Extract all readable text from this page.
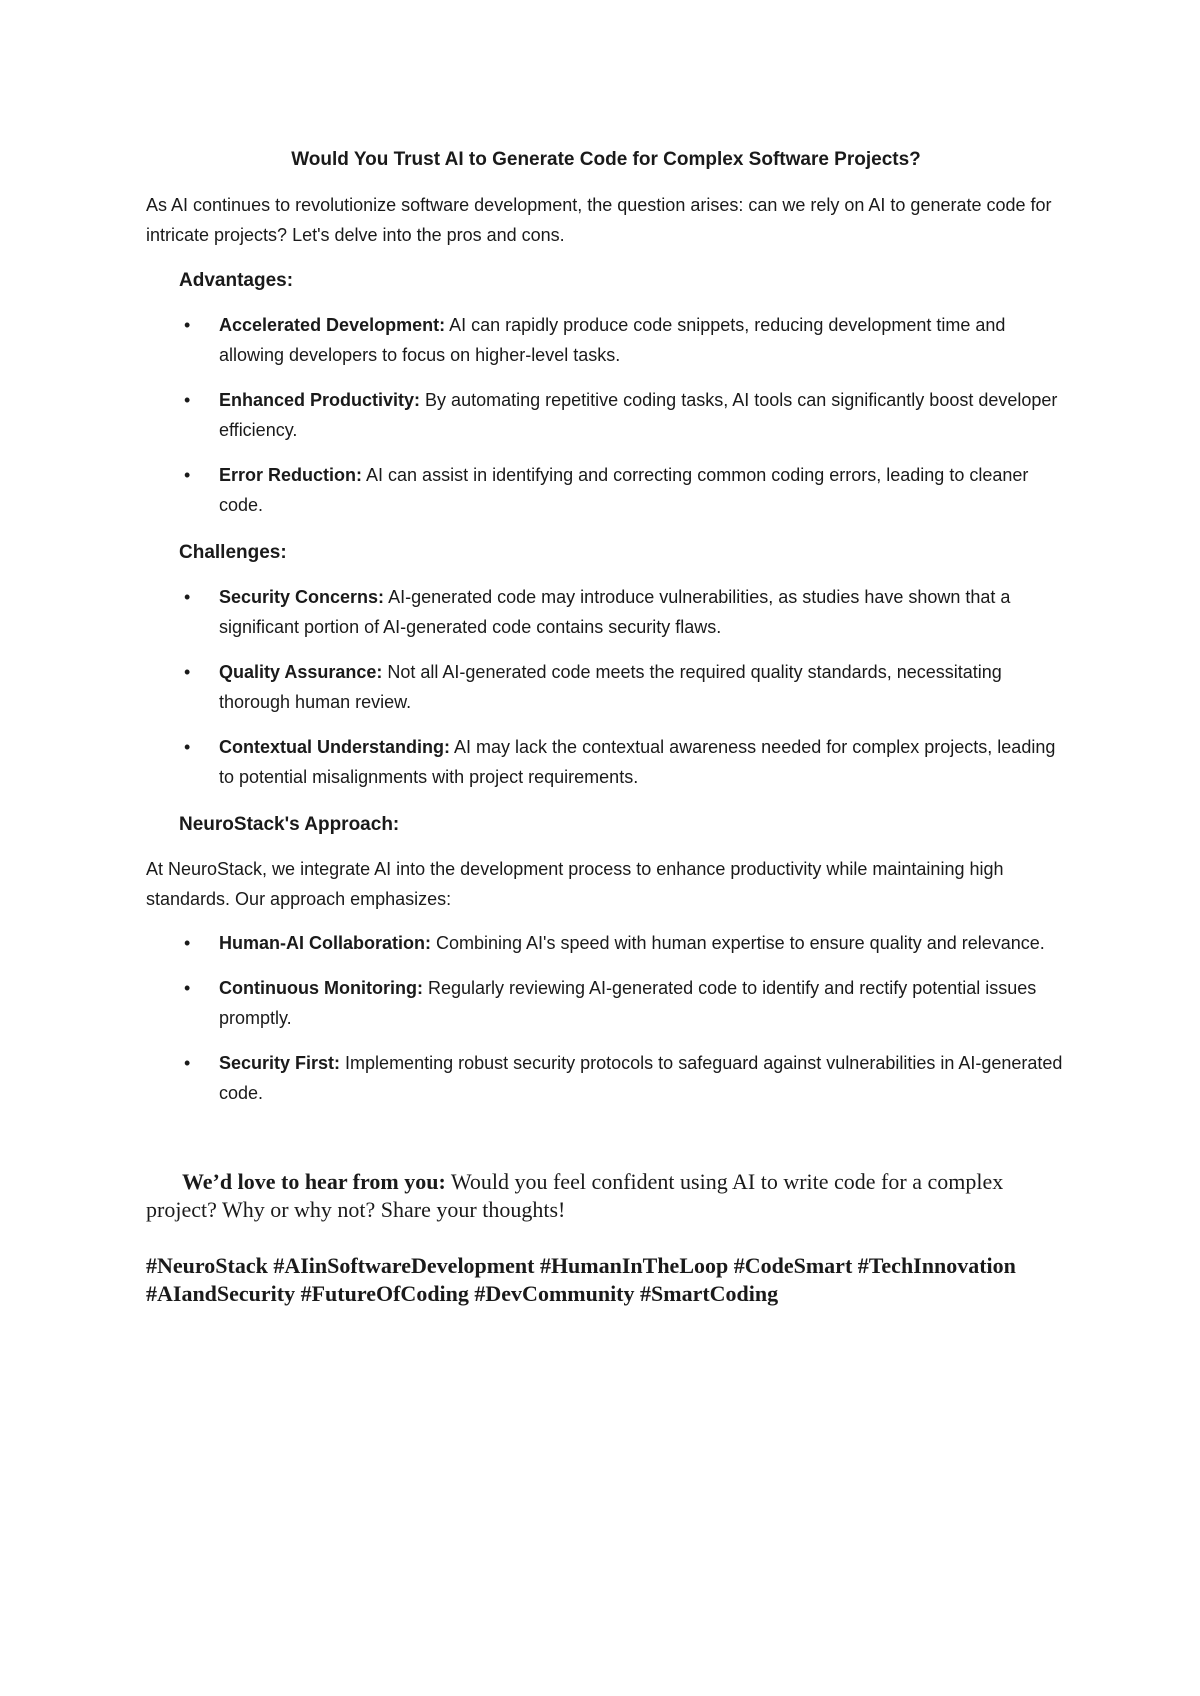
Would You Trust AI to Generate Code for Complex Software Projects?

As AI continues to revolutionize software development, the question arises: can we rely on AI to generate code for intricate projects? Let's delve into the pros and cons.

Advantages:
• Accelerated Development: AI can rapidly produce code snippets, reducing development time and allowing developers to focus on higher-level tasks.
• Enhanced Productivity: By automating repetitive coding tasks, AI tools can significantly boost developer efficiency.
• Error Reduction: AI can assist in identifying and correcting common coding errors, leading to cleaner code.
Challenges:
• Security Concerns: AI-generated code may introduce vulnerabilities, as studies have shown that a significant portion of AI-generated code contains security flaws.
• Quality Assurance: Not all AI-generated code meets the required quality standards, necessitating thorough human review.
• Contextual Understanding: AI may lack the contextual awareness needed for complex projects, leading to potential misalignments with project requirements.
NeuroStack's Approach:

At NeuroStack, we integrate AI into the development process to enhance productivity while maintaining high standards. Our approach emphasizes:

• Human-AI Collaboration: Combining AI's speed with human expertise to ensure quality and relevance.
• Continuous Monitoring: Regularly reviewing AI-generated code to identify and rectify potential issues promptly.
• Security First: Implementing robust security protocols to safeguard against vulnerabilities in AI-generated code.

We’d love to hear from you: Would you feel confident using AI to write code for a complex project? Why or why not? Share your thoughts!

#NeuroStack #AIinSoftwareDevelopment #HumanInTheLoop #CodeSmart #TechInnovation #AIandSecurity #FutureOfCoding #DevCommunity #SmartCoding
